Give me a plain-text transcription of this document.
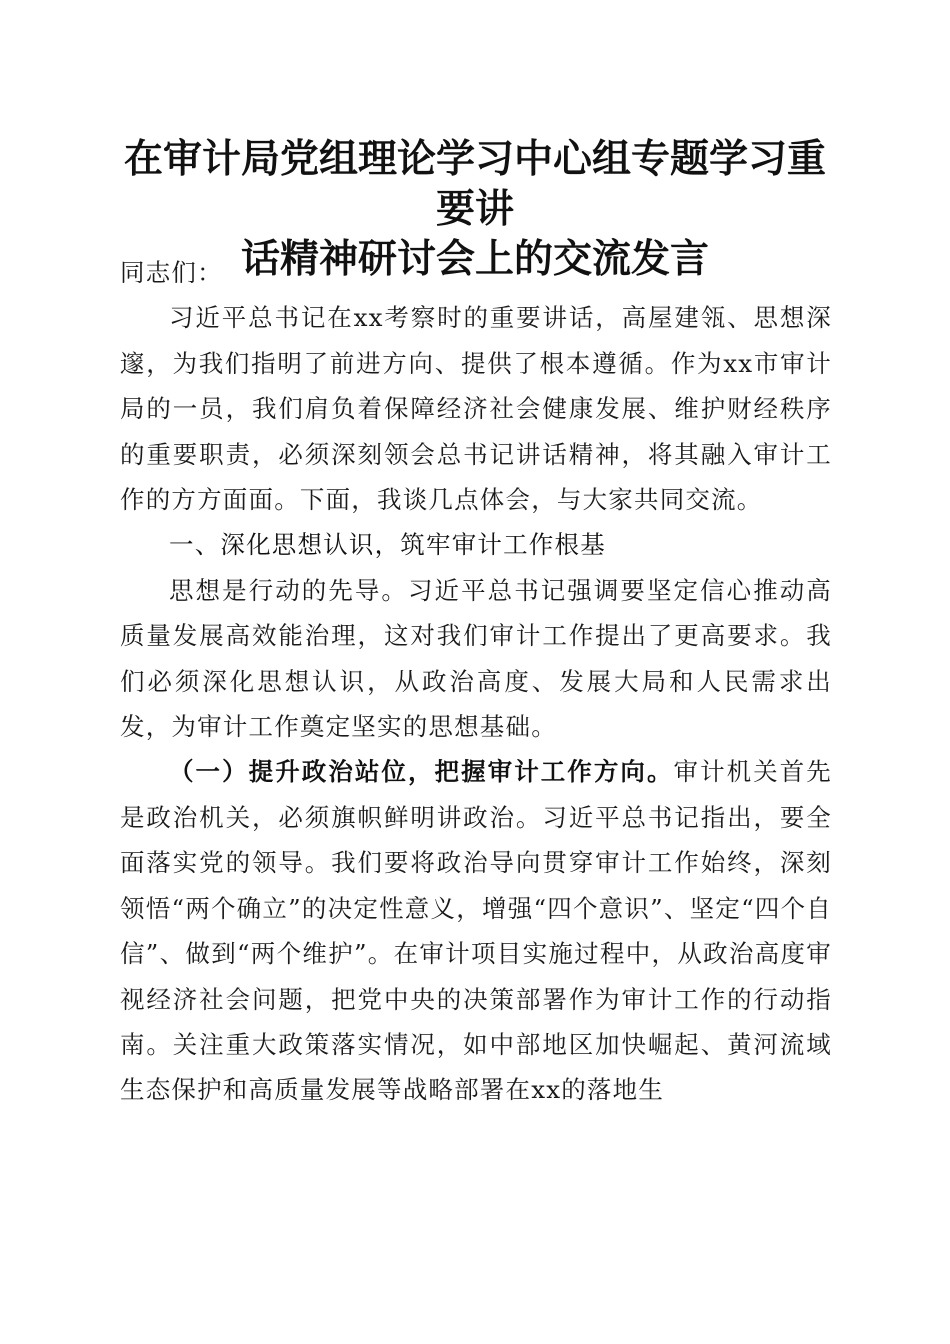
在审计局党组理论学习中心组专题学习重要讲
话精神研讨会上的交流发言

同志们：

习近平总书记在xx考察时的重要讲话，高屋建瓴、思想深邃，为我们指明了前进方向、提供了根本遵循。作为xx市审计局的一员，我们肩负着保障经济社会健康发展、维护财经秩序的重要职责，必须深刻领会总书记讲话精神，将其融入审计工作的方方面面。下面，我谈几点体会，与大家共同交流。

一、深化思想认识，筑牢审计工作根基

思想是行动的先导。习近平总书记强调要坚定信心推动高质量发展高效能治理，这对我们审计工作提出了更高要求。我们必须深化思想认识，从政治高度、发展大局和人民需求出发，为审计工作奠定坚实的思想基础。

（一）提升政治站位，把握审计工作方向。审计机关首先是政治机关，必须旗帜鲜明讲政治。习近平总书记指出，要全面落实党的领导。我们要将政治导向贯穿审计工作始终，深刻领悟“两个确立”的决定性意义，增强“四个意识”、坚定“四个自信”、做到“两个维护”。在审计项目实施过程中，从政治高度审视经济社会问题，把党中央的决策部署作为审计工作的行动指南。关注重大政策落实情况，如中部地区加快崛起、黄河流域生态保护和高质量发展等战略部署在xx的落地生
